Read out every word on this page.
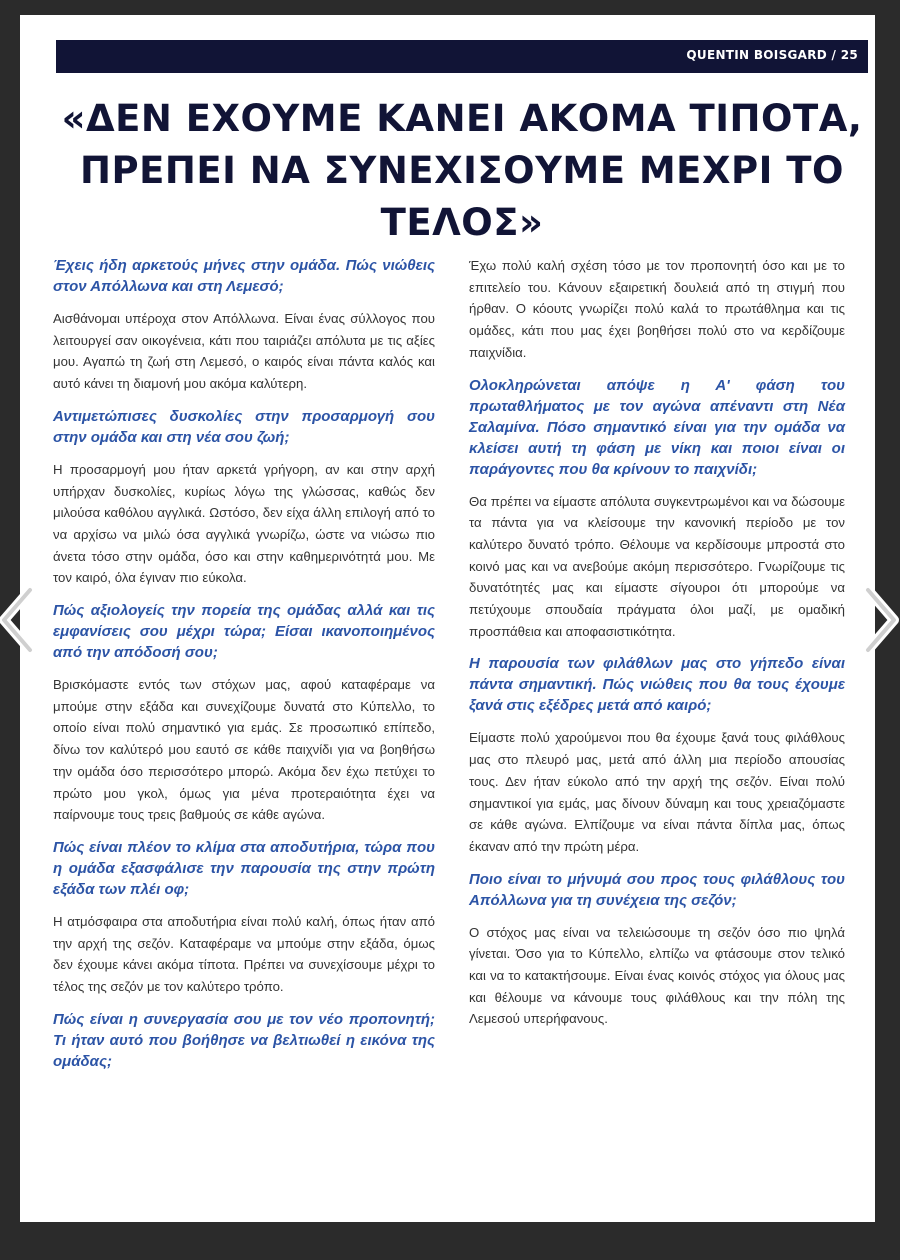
QUENTIN BOISGARD / 25
«ΔΕΝ ΕΧΟΥΜΕ ΚΑΝΕΙ ΑΚΟΜΑ ΤΙΠΟΤΑ, ΠΡΕΠΕΙ ΝΑ ΣΥΝΕΧΙΣΟΥΜΕ ΜΕΧΡΙ ΤΟ ΤΕΛΟΣ»

Έχεις ήδη αρκετούς μήνες στην ομάδα. Πώς νιώθεις στον Απόλλωνα και στη Λεμεσό;

Αισθάνομαι υπέροχα στον Απόλλωνα. Είναι ένας σύλλογος που λειτουργεί σαν οικογένεια, κάτι που ταιριάζει απόλυτα με τις αξίες μου. Αγαπώ τη ζωή στη Λεμεσό, ο καιρός είναι πάντα καλός και αυτό κάνει τη διαμονή μου ακόμα καλύτερη.

Αντιμετώπισες δυσκολίες στην προσαρμογή σου στην ομάδα και στη νέα σου ζωή;

Η προσαρμογή μου ήταν αρκετά γρήγορη, αν και στην αρχή υπήρχαν δυσκολίες, κυρίως λόγω της γλώσσας, καθώς δεν μιλούσα καθόλου αγγλικά. Ωστόσο, δεν είχα άλλη επιλογή από το να αρχίσω να μιλώ όσα αγγλικά γνωρίζω, ώστε να νιώσω πιο άνετα τόσο στην ομάδα, όσο και στην καθημερινότητά μου. Με τον καιρό, όλα έγιναν πιο εύκολα.

Πώς αξιολογείς την πορεία της ομάδας αλλά και τις εμφανίσεις σου μέχρι τώρα; Είσαι ικανοποιημένος από την απόδοσή σου;

Βρισκόμαστε εντός των στόχων μας, αφού καταφέραμε να μπούμε στην εξάδα και συνεχίζουμε δυνατά στο Κύπελλο, το οποίο είναι πολύ σημαντικό για εμάς. Σε προσωπικό επίπεδο, δίνω τον καλύτερό μου εαυτό σε κάθε παιχνίδι για να βοηθήσω την ομάδα όσο περισσότερο μπορώ. Ακόμα δεν έχω πετύχει το πρώτο μου γκολ, όμως για μένα προτεραιότητα έχει να παίρνουμε τους τρεις βαθμούς σε κάθε αγώνα.

Πώς είναι πλέον το κλίμα στα αποδυτήρια, τώρα που η ομάδα εξασφάλισε την παρουσία της στην πρώτη εξάδα των πλέι οφ;

Η ατμόσφαιρα στα αποδυτήρια είναι πολύ καλή, όπως ήταν από την αρχή της σεζόν. Καταφέραμε να μπούμε στην εξάδα, όμως δεν έχουμε κάνει ακόμα τίποτα. Πρέπει να συνεχίσουμε μέχρι το τέλος της σεζόν με τον καλύτερο τρόπο.

Πώς είναι η συνεργασία σου με τον νέο προπονητή; Τι ήταν αυτό που βοήθησε να βελτιωθεί η εικόνα της ομάδας;

Έχω πολύ καλή σχέση τόσο με τον προπονητή όσο και με το επιτελείο του. Κάνουν εξαιρετική δουλειά από τη στιγμή που ήρθαν. Ο κόουτς γνωρίζει πολύ καλά το πρωτάθλημα και τις ομάδες, κάτι που μας έχει βοηθήσει πολύ στο να κερδίζουμε παιχνίδια.

Ολοκληρώνεται απόψε η Α' φάση του πρωταθλήματος με τον αγώνα απέναντι στη Νέα Σαλαμίνα. Πόσο σημαντικό είναι για την ομάδα να κλείσει αυτή τη φάση με νίκη και ποιοι είναι οι παράγοντες που θα κρίνουν το παιχνίδι;

Θα πρέπει να είμαστε απόλυτα συγκεντρωμένοι και να δώσουμε τα πάντα για να κλείσουμε την κανονική περίοδο με τον καλύτερο δυνατό τρόπο. Θέλουμε να κερδίσουμε μπροστά στο κοινό μας και να ανεβούμε ακόμη περισσότερο. Γνωρίζουμε τις δυνατότητές μας και είμαστε σίγουροι ότι μπορούμε να πετύχουμε σπουδαία πράγματα όλοι μαζί, με ομαδική προσπάθεια και αποφασιστικότητα.

Η παρουσία των φιλάθλων μας στο γήπεδο είναι πάντα σημαντική. Πώς νιώθεις που θα τους έχουμε ξανά στις εξέδρες μετά από καιρό;

Είμαστε πολύ χαρούμενοι που θα έχουμε ξανά τους φιλάθλους μας στο πλευρό μας, μετά από άλλη μια περίοδο απουσίας τους. Δεν ήταν εύκολο από την αρχή της σεζόν. Είναι πολύ σημαντικοί για εμάς, μας δίνουν δύναμη και τους χρειαζόμαστε σε κάθε αγώνα. Ελπίζουμε να είναι πάντα δίπλα μας, όπως έκαναν από την πρώτη μέρα.

Ποιο είναι το μήνυμά σου προς τους φιλάθλους του Απόλλωνα για τη συνέχεια της σεζόν;

Ο στόχος μας είναι να τελειώσουμε τη σεζόν όσο πιο ψηλά γίνεται. Όσο για το Κύπελλο, ελπίζω να φτάσουμε στον τελικό και να το κατακτήσουμε. Είναι ένας κοινός στόχος για όλους μας και θέλουμε να κάνουμε τους φιλάθλους και την πόλη της Λεμεσού υπερήφανους.
